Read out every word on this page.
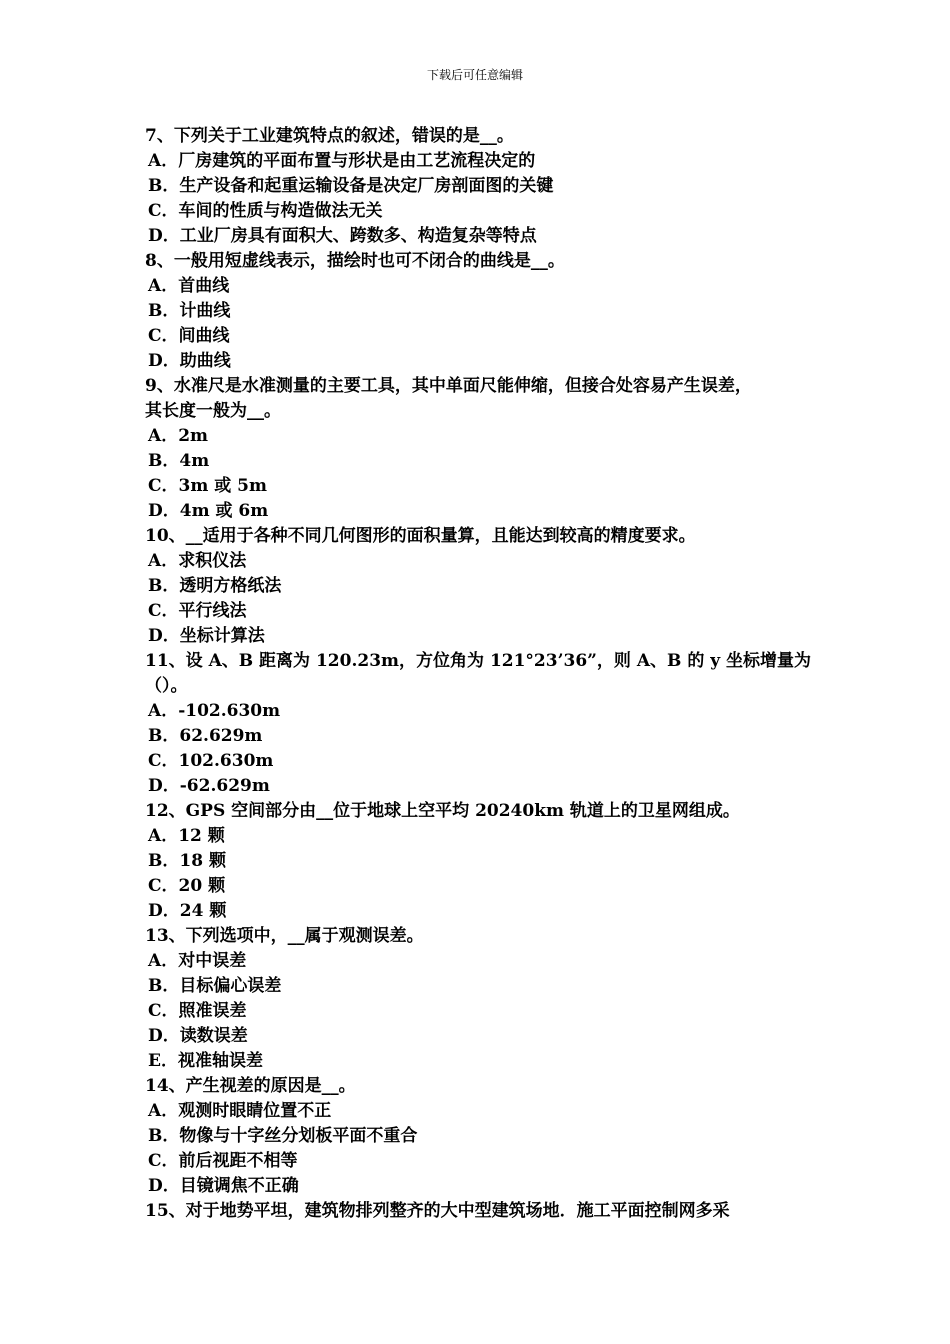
下载后可任意编辑
7、下列关于工业建筑特点的叙述，错误的是__。
A．厂房建筑的平面布置与形状是由工艺流程决定的
B．生产设备和起重运输设备是决定厂房剖面图的关键
C．车间的性质与构造做法无关
D．工业厂房具有面积大、跨数多、构造复杂等特点
8、一般用短虚线表示，描绘时也可不闭合的曲线是__。
A．首曲线
B．计曲线
C．间曲线
D．助曲线
9、水准尺是水准测量的主要工具，其中单面尺能伸缩，但接合处容易产生误差，
其长度一般为__。
A．2m
B．4m
C．3m 或 5m
D．4m 或 6m
10、__适用于各种不同几何图形的面积量算，且能达到较高的精度要求。
A．求积仪法
B．透明方格纸法
C．平行线法
D．坐标计算法
11、设 A、B 距离为 120.23m，方位角为 121°23’36”，则 A、B 的 y 坐标增量为
（）。
A．-102.630m
B．62.629m
C．102.630m
D．-62.629m
12、GPS 空间部分由__位于地球上空平均 20240km 轨道上的卫星网组成。
A．12 颗
B．18 颗
C．20 颗
D．24 颗
13、下列选项中，__属于观测误差。
A．对中误差
B．目标偏心误差
C．照准误差
D．读数误差
E．视准轴误差
14、产生视差的原因是__。
A．观测时眼睛位置不正
B．物像与十字丝分划板平面不重合
C．前后视距不相等
D．目镜调焦不正确
15、对于地势平坦，建筑物排列整齐的大中型建筑场地．施工平面控制网多采
